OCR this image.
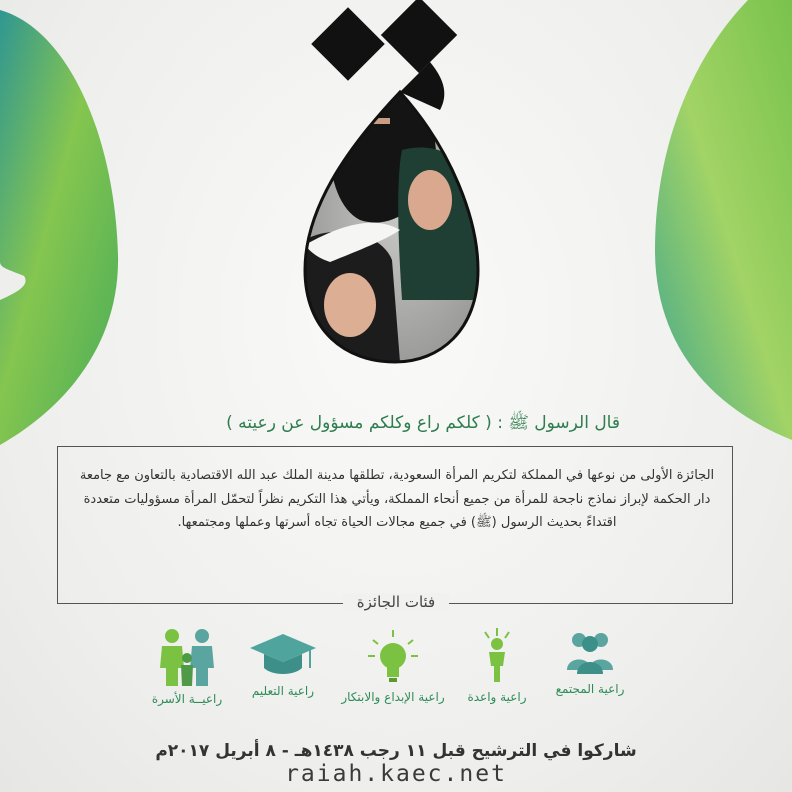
قال الرسول ﷺ : ( كلكم راع وكلكم مسؤول عن رعيته )

الجائزة الأولى من نوعها في المملكة لتكريم المرأة السعودية، تطلقها مدينة الملك عبد الله الاقتصادية بالتعاون مع جامعة دار الحكمة لإبراز نماذج ناجحة للمرأة من جميع أنحاء المملكة، ويأتي هذا التكريم نظراً لتحمّل المرأة مسؤوليات متعددة اقتداءً بحديث الرسول (ﷺ) في جميع مجالات الحياة تجاه أسرتها وعملها ومجتمعها.

فئات الجائزة
راعية المجتمع
راعية واعدة
راعية الإبداع والابتكار
راعية التعليم
راعيــة الأسرة
شاركوا في الترشيح قبل ١١ رجب ١٤٣٨هـ - ٨ أبريل ٢٠١٧م
raiah.kaec.net
